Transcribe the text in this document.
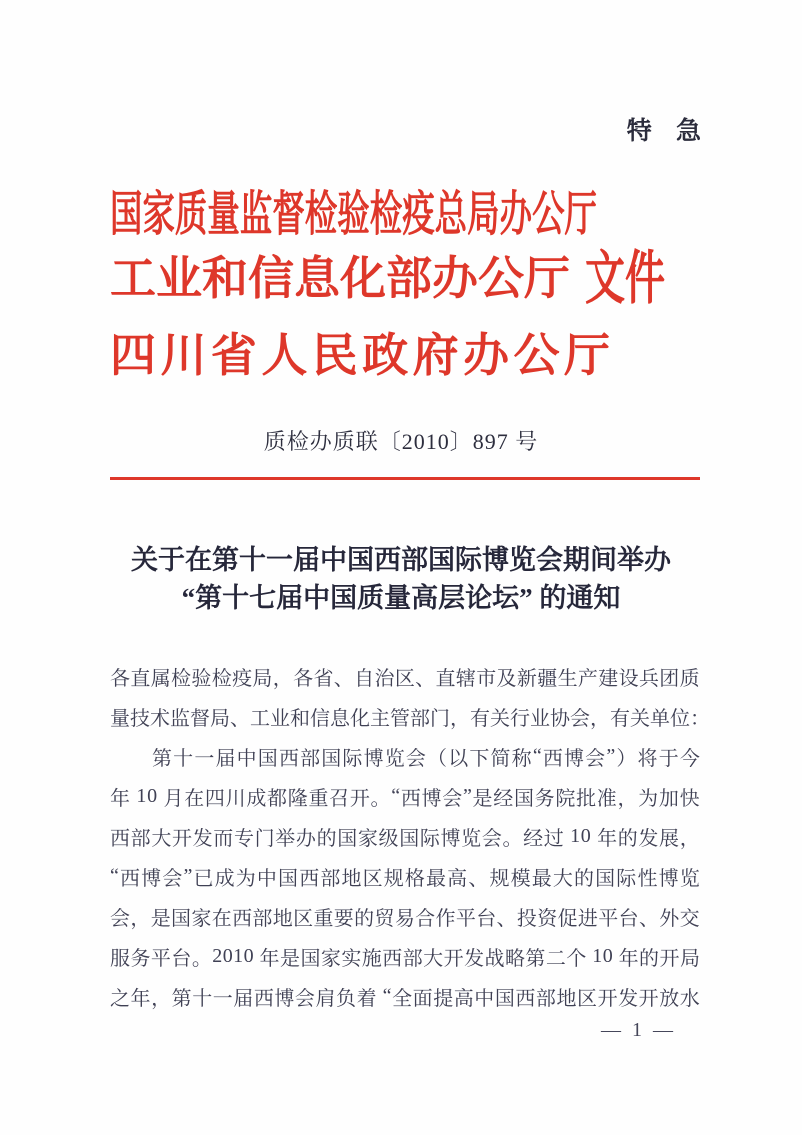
特 急
国家质量监督检验检疫总局办公厅
工 业 和 信 息 化 部 办 公 厅 文件
四 川 省 人 民 政 府 办 公 厅
质检办质联〔2010〕897 号
关于在第十一届中国西部国际博览会期间举办
“第十七届中国质量高层论坛” 的通知
各 直 属 检 验 检 疫 局 ， 各 省 、 自 治 区 、 直 辖 市 及 新 疆 生 产 建 设 兵 团 质
量 技 术 监 督 局 、 工 业 和 信 息 化 主 管 部 门 ， 有 关 行 业 协 会 ， 有 关 单 位 ：
第 十 一 届 中 国 西 部 国 际 博 览 会 （ 以 下 简 称 “ 西 博 会 ” ） 将 于 今
年
1 0
月 在 四 川 成 都 隆 重 召 开 。 “ 西 博 会 ” 是 经 国 务 院 批 准 ， 为 加 快
西 部 大 开 发 而 专 门 举 办 的 国 家 级 国 际 博 览 会 。 经 过
1 0
年 的 发 展 ，
“ 西 博 会 ” 已 成 为 中 国 西 部 地 区 规 格 最 高 、 规 模 最 大 的 国 际 性 博 览
会 ， 是 国 家 在 西 部 地 区 重 要 的 贸 易 合 作 平 台 、 投 资 促 进 平 台 、 外 交
服 务 平 台 。 2 0 1 0
年 是 国 家 实 施 西 部 大 开 发 战 略 第 二 个
1 0
年 的 开 局
之 年 ， 第 十 一 届 西 博 会 肩 负 着
“ 全 面 提 高 中 国 西 部 地 区 开 发 开 放 水
— 1 —
